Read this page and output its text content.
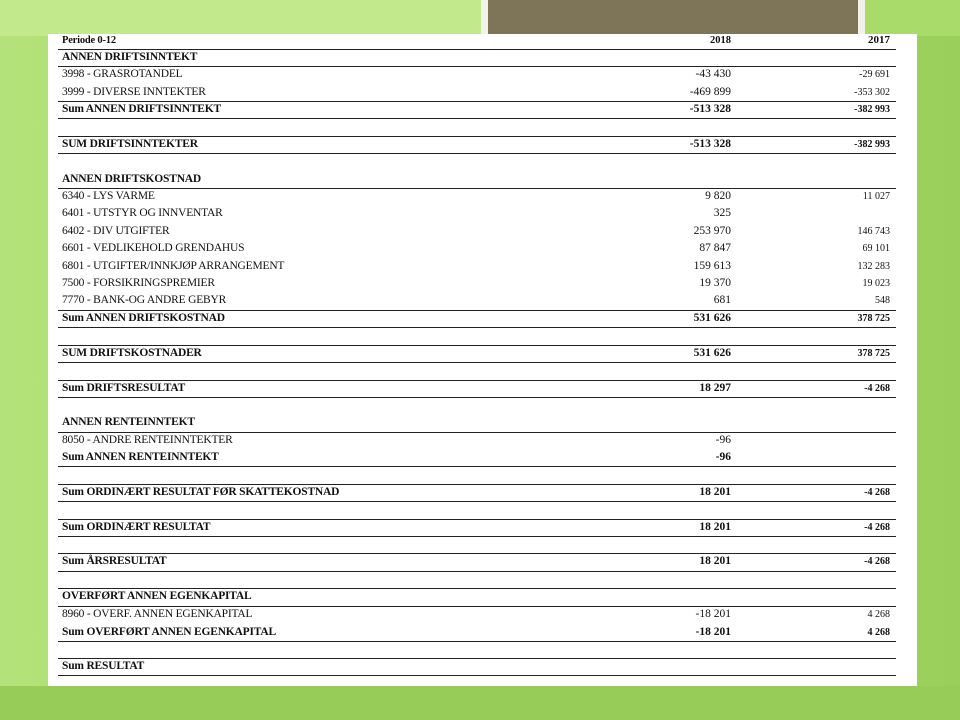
Periode 0-12	2018	2017
ANNEN DRIFTSINNTEKT
3998 - GRASROTANDEL	-43 430	-29 691
3999 - DIVERSE INNTEKTER	-469 899	-353 302
Sum ANNEN DRIFTSINNTEKT	-513 328	-382 993
SUM DRIFTSINNTEKTER	-513 328	-382 993
ANNEN DRIFTSKOSTNAD
6340 - LYS VARME	9 820	11 027
6401 - UTSTYR OG INNVENTAR	325
6402 - DIV UTGIFTER	253 970	146 743
6601 - VEDLIKEHOLD GRENDAHUS	87 847	69 101
6801 - UTGIFTER/INNKJØP ARRANGEMENT	159 613	132 283
7500 - FORSIKRINGSPREMIER	19 370	19 023
7770 - BANK-OG ANDRE GEBYR	681	548
Sum ANNEN DRIFTSKOSTNAD	531 626	378 725
SUM DRIFTSKOSTNADER	531 626	378 725
Sum DRIFTSRESULTAT	18 297	-4 268
ANNEN RENTEINNTEKT
8050 - ANDRE RENTEINNTEKTER	-96
Sum ANNEN RENTEINNTEKT	-96
Sum ORDINÆRT RESULTAT FØR SKATTEKOSTNAD	18 201	-4 268
Sum ORDINÆRT RESULTAT	18 201	-4 268
Sum ÅRSRESULTAT	18 201	-4 268
OVERFØRT ANNEN EGENKAPITAL
8960 - OVERF. ANNEN EGENKAPITAL	-18 201	4 268
Sum OVERFØRT ANNEN EGENKAPITAL	-18 201	4 268
Sum RESULTAT
